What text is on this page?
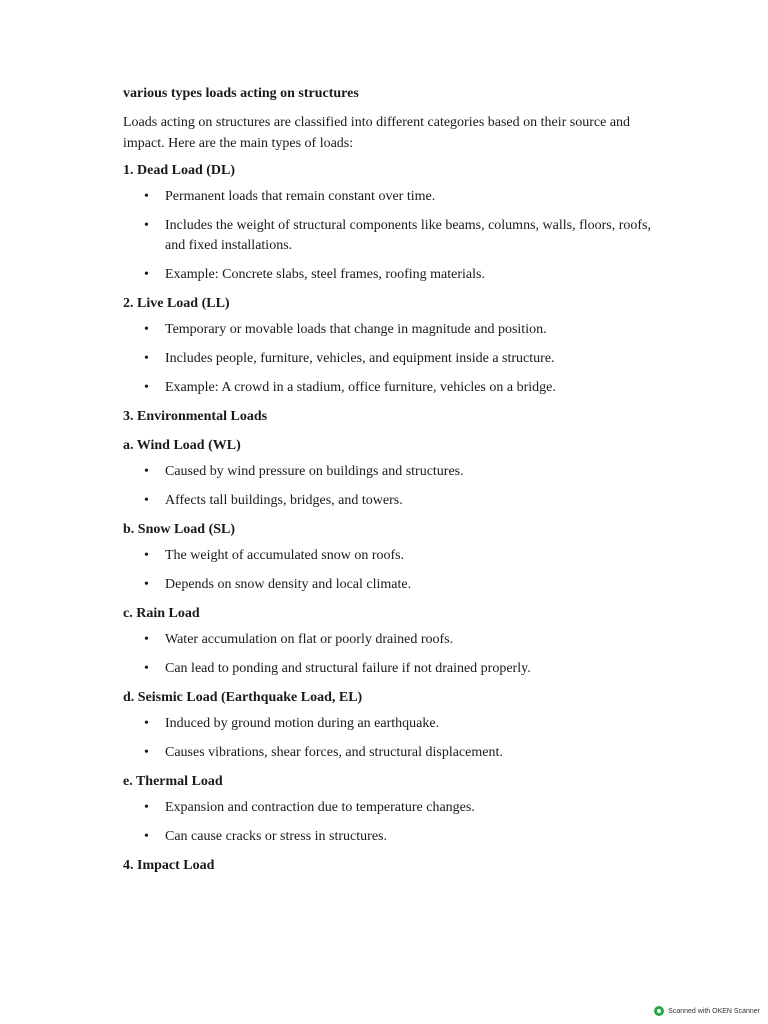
various types loads acting on structures
Loads acting on structures are classified into different categories based on their source and impact. Here are the main types of loads:
1. Dead Load (DL)
• Permanent loads that remain constant over time.
• Includes the weight of structural components like beams, columns, walls, floors, roofs, and fixed installations.
• Example: Concrete slabs, steel frames, roofing materials.
2. Live Load (LL)
• Temporary or movable loads that change in magnitude and position.
• Includes people, furniture, vehicles, and equipment inside a structure.
• Example: A crowd in a stadium, office furniture, vehicles on a bridge.
3. Environmental Loads
a. Wind Load (WL)
• Caused by wind pressure on buildings and structures.
• Affects tall buildings, bridges, and towers.
b. Snow Load (SL)
• The weight of accumulated snow on roofs.
• Depends on snow density and local climate.
c. Rain Load
• Water accumulation on flat or poorly drained roofs.
• Can lead to ponding and structural failure if not drained properly.
d. Seismic Load (Earthquake Load, EL)
• Induced by ground motion during an earthquake.
• Causes vibrations, shear forces, and structural displacement.
e. Thermal Load
• Expansion and contraction due to temperature changes.
• Can cause cracks or stress in structures.
4. Impact Load
Scanned with OKEN Scanner
